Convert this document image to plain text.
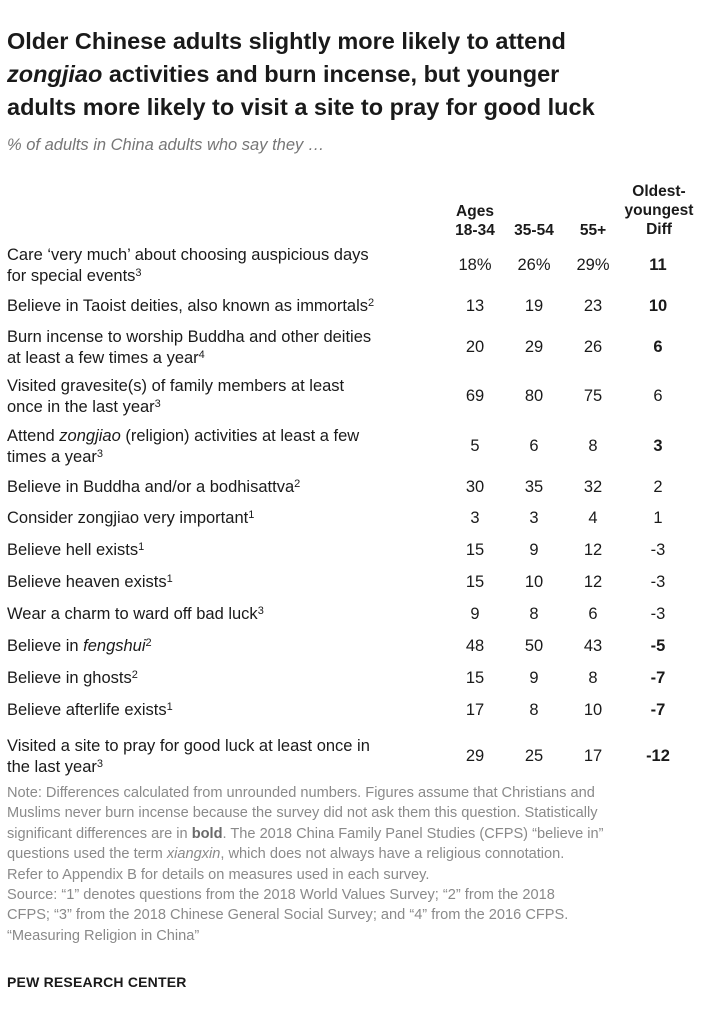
Older Chinese adults slightly more likely to attend
zongjiao activities and burn incense, but younger
adults more likely to visit a site to pray for good luck
% of adults in China adults who say they …
Ages
18-34	35-54	55+
Oldest-
youngest
Diff
Care ‘very much’ about choosing auspicious days
for special events$^3$	18%	26%	29%	11
Believe in Taoist deities, also known as immortals$^2$	13	19	23	10
Burn incense to worship Buddha and other deities
at least a few times a year$^4$	20	29	26	6
Visited gravesite(s) of family members at least
once in the last year$^3$	69	80	75	6
Attend zongjiao (religion) activities at least a few
times a year$^3$	5	6	8	3
Believe in Buddha and/or a bodhisattva$^2$	30	35	32	2
Consider zongjiao very important$^1$	3	3	4	1
Believe hell exists$^1$	15	9	12	-3
Believe heaven exists$^1$	15	10	12	-3
Wear a charm to ward off bad luck$^3$	9	8	6	-3
Believe in fengshui$^2$	48	50	43	-5
Believe in ghosts$^2$	15	9	8	-7
Believe afterlife exists$^1$	17	8	10	-7
Visited a site to pray for good luck at least once in
the last year$^3$	29	25	17	-12
Note: Differences calculated from unrounded numbers. Figures assume that Christians and
Muslims never burn incense because the survey did not ask them this question. Statistically
significant differences are in bold. The 2018 China Family Panel Studies (CFPS) “believe in”
questions used the term xiangxin, which does not always have a religious connotation.
Refer to Appendix B for details on measures used in each survey.
Source: “1” denotes questions from the 2018 World Values Survey; “2” from the 2018
CFPS; “3” from the 2018 Chinese General Social Survey; and “4” from the 2016 CFPS.
“Measuring Religion in China”
PEW RESEARCH CENTER
